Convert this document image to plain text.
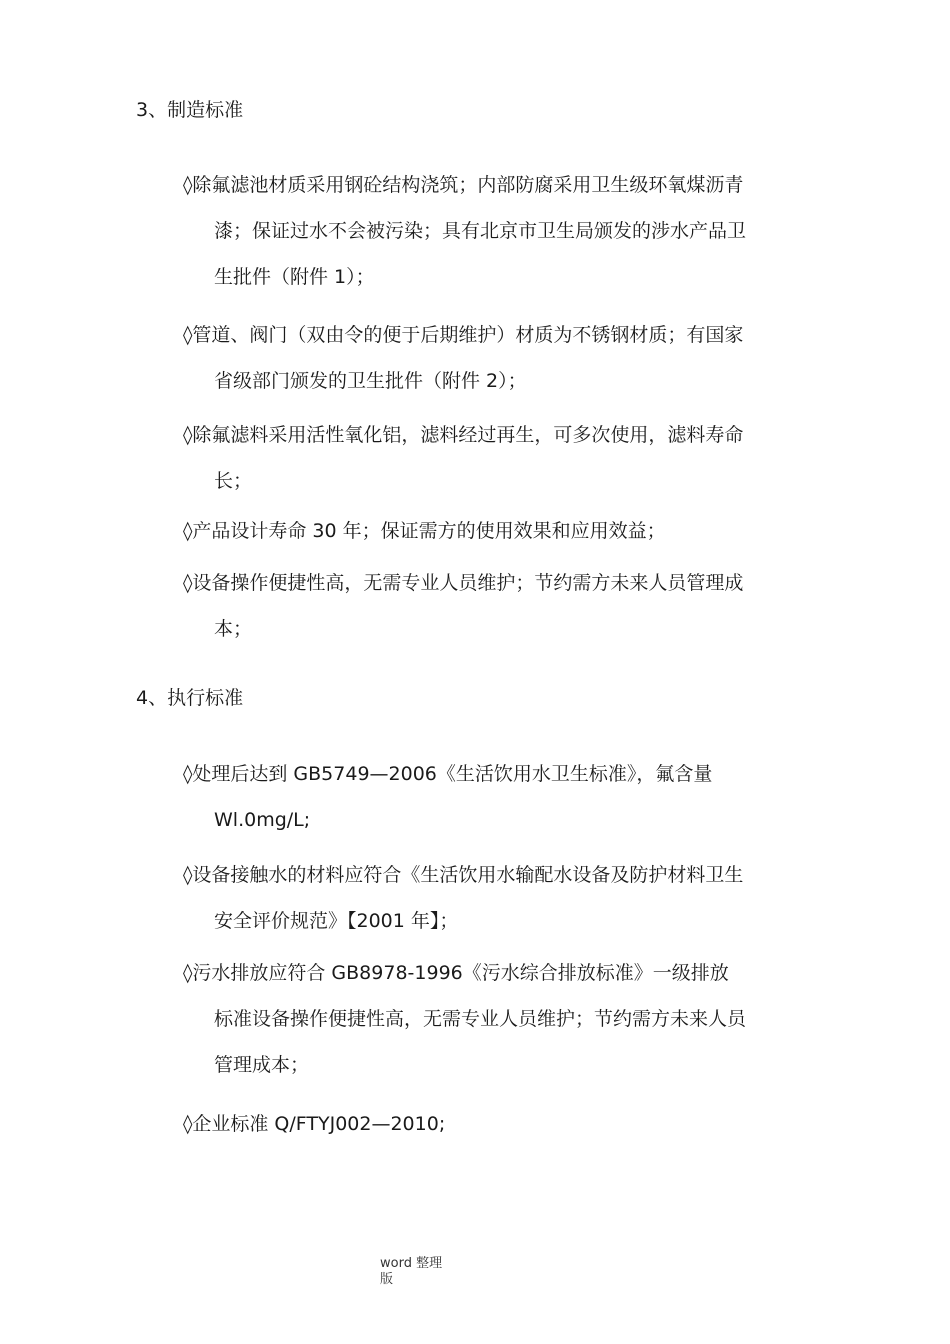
3、制造标准
◊除氟滤池材质采用钢砼结构浇筑；内部防腐采用卫生级环氧煤沥青
漆；保证过水不会被污染；具有北京市卫生局颁发的涉水产品卫
生批件（附件 1）；
◊管道、阀门（双由令的便于后期维护）材质为不锈钢材质；有国家
省级部门颁发的卫生批件（附件 2）；
◊除氟滤料采用活性氧化铝，滤料经过再生，可多次使用，滤料寿命
长；
◊产品设计寿命 30 年；保证需方的使用效果和应用效益；
◊设备操作便捷性高，无需专业人员维护；节约需方未来人员管理成
本；
4、执行标准
◊处理后达到 GB5749—2006《生活饮用水卫生标准》，氟含量
Wl.0mg/L;
◊设备接触水的材料应符合《生活饮用水输配水设备及防护材料卫生
安全评价规范》【2001 年】；
◊污水排放应符合 GB8978-1996《污水综合排放标准》一级排放
标准设备操作便捷性高，无需专业人员维护；节约需方未来人员
管理成本；
◊企业标准 Q/FTYJ002—2010;
word 整理
版
